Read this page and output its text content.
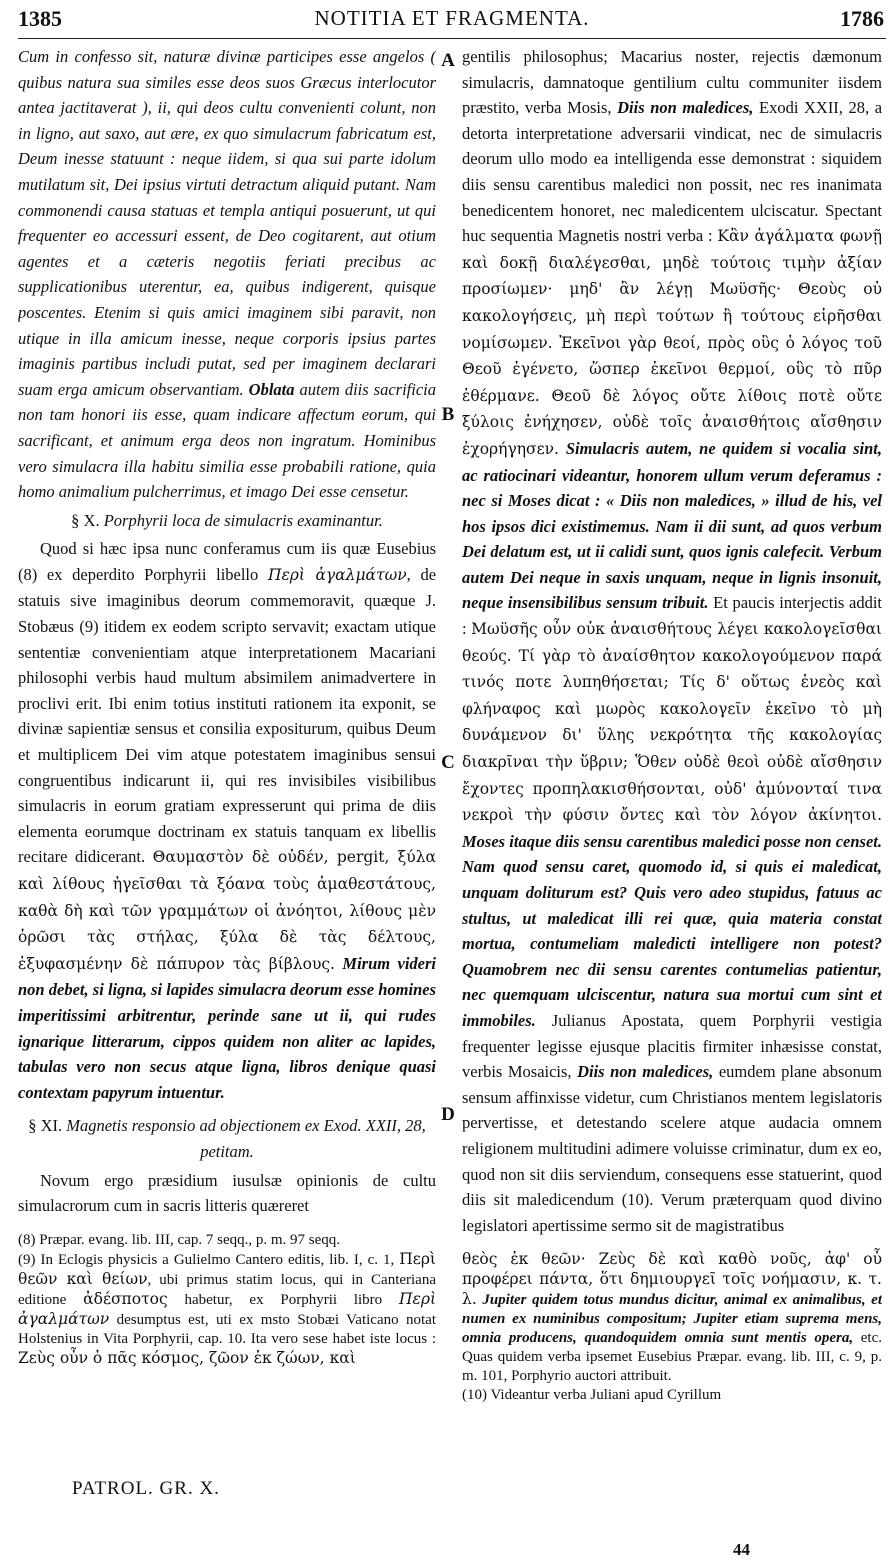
1385	NOTITIA ET FRAGMENTA.	1786
A
B
C
D

Cum in confesso sit, naturæ divinæ participes esse angelos ( quibus natura sua similes esse deos suos Græcus interlocutor antea jactitaverat ), ii, qui deos cultu convenienti colunt, non in ligno, aut saxo, aut ære, ex quo simulacrum fabricatum est, Deum inesse statuunt : neque iidem, si qua sui parte idolum mutilatum sit, Dei ipsius virtuti detractum aliquid putant. Nam commonendi causa statuas et templa antiqui posuerunt, ut qui frequenter eo accessuri essent, de Deo cogitarent, aut otium agentes et a cæteris negotiis feriati precibus ac supplicationibus uterentur, ea, quibus indigerent, quisque poscentes. Etenim si quis amici imaginem sibi paravit, non utique in illa amicum inesse, neque corporis ipsius partes imaginis partibus includi putat, sed per imaginem declarari suam erga amicum observantiam. Oblata autem diis sacrificia non tam honori iis esse, quam indicare affectum eorum, qui sacrificant, et animum erga deos non ingratum. Hominibus vero simulacra illa habitu similia esse probabili ratione, quia homo animalium pulcherrimus, et imago Dei esse censetur.

§ X. Porphyrii loca de simulacris examinantur.

Quod si hæc ipsa nunc conferamus cum iis quæ Eusebius (8) ex deperdito Porphyrii libello Περὶ ἀγαλμάτων, de statuis sive imaginibus deorum commemoravit, quæque J. Stobæus (9) itidem ex eodem scripto servavit; exactam utique sententiæ convenientiam atque interpretationem Macariani philosophi verbis haud multum absimilem animadvertere in proclivi erit. Ibi enim totius instituti rationem ita exponit, se divinæ sapientiæ sensus et consilia expositurum, quibus Deum et multiplicem Dei vim atque potestatem imaginibus sensui congruentibus indicarunt ii, qui res invisibiles visibilibus simulacris in eorum gratiam expresserunt qui prima de diis elementa eorumque doctrinam ex statuis tanquam ex libellis recitare didicerant. Θαυμαστὸν δὲ οὐδέν, pergit, ξύλα καὶ λίθους ἡγεῖσθαι τὰ ξόανα τοὺς ἀμαθεστάτους, καθὰ δὴ καὶ τῶν γραμμάτων οἱ ἀνόητοι, λίθους μὲν ὁρῶσι τὰς στήλας, ξύλα δὲ τὰς δέλτους, ἐξυφασμένην δὲ πάπυρον τὰς βίβλους. Mirum videri non debet, si ligna, si lapides simulacra deorum esse homines imperitissimi arbitrentur, perinde sane ut ii, qui rudes ignarique litterarum, cippos quidem non aliter ac lapides, tabulas vero non secus atque ligna, libros denique quasi contextam papyrum intuentur.

§ XI. Magnetis responsio ad objectionem ex Exod. XXII, 28, petitam.

Novum ergo præsidium iusulsæ opinionis de cultu simulacrorum cum in sacris litteris quæreret

(8) Præpar. evang. lib. III, cap. 7 seqq., p. m. 97 seqq.

(9) In Eclogis physicis a Gulielmo Cantero editis, lib. I, c. 1, Περὶ θεῶν καὶ θείων, ubi primus statim locus, qui in Canteriana editione ἀδέσποτος habetur, ex Porphyrii libro Περὶ ἀγαλμάτων desumptus est, uti ex msto Stobæi Vaticano notat Holstenius in Vita Porphyrii, cap. 10. Ita vero sese habet iste locus : Ζεὺς οὖν ὁ πᾶς κόσμος, ζῶον ἐκ ζώων, καὶ

gentilis philosophus; Macarius noster, rejectis dæmonum simulacris, damnatoque gentilium cultu communiter iisdem præstito, verba Mosis, Diis non maledices, Exodi XXII, 28, a detorta interpretatione adversarii vindicat, nec de simulacris deorum ullo modo ea intelligenda esse demonstrat : siquidem diis sensu carentibus maledici non possit, nec res inanimata benedicentem honoret, nec maledicentem ulciscatur. Spectant huc sequentia Magnetis nostri verba : Κἂν ἀγάλματα φωνῇ καὶ δοκῇ διαλέγεσθαι, μηδὲ τούτοις τιμὴν ἀξίαν προσίωμεν· μηδ' ἂν λέγῃ Μωϋσῆς· Θεοὺς οὐ κακολογήσεις, μὴ περὶ τούτων ἢ τούτους εἰρῆσθαι νομίσωμεν. Ἐκεῖνοι γὰρ θεοί, πρὸς οὓς ὁ λόγος τοῦ Θεοῦ ἐγένετο, ὥσπερ ἐκεῖνοι θερμοί, οὓς τὸ πῦρ ἐθέρμανε. Θεοῦ δὲ λόγος οὔτε λίθοις ποτὲ οὔτε ξύλοις ἐνήχησεν, οὐδὲ τοῖς ἀναισθήτοις αἴσθησιν ἐχορήγησεν. Simulacris autem, ne quidem si vocalia sint, ac ratiocinari videantur, honorem ullum verum deferamus : nec si Moses dicat : « Diis non maledices, » illud de his, vel hos ipsos dici existimemus. Nam ii dii sunt, ad quos verbum Dei delatum est, ut ii calidi sunt, quos ignis calefecit. Verbum autem Dei neque in saxis unquam, neque in lignis insonuit, neque insensibilibus sensum tribuit. Et paucis interjectis addit : Μωϋσῆς οὖν οὐκ ἀναισθήτους λέγει κακολογεῖσθαι θεούς. Τί γὰρ τὸ ἀναίσθητον κακολογούμενον παρά τινός ποτε λυπηθήσεται; Τίς δ' οὕτως ἐνεὸς καὶ φλήναφος καὶ μωρὸς κακολογεῖν ἐκεῖνο τὸ μὴ δυνάμενον δι' ὕλης νεκρότητα τῆς κακολογίας διακρῖναι τὴν ὕβριν; Ὅθεν οὐδὲ θεοὶ οὐδὲ αἴσθησιν ἔχοντες προπηλακισθήσονται, οὐδ' ἀμύνονταί τινα νεκροὶ τὴν φύσιν ὄντες καὶ τὸν λόγον ἀκίνητοι. Moses itaque diis sensu carentibus maledici posse non censet. Nam quod sensu caret, quomodo id, si quis ei maledicat, unquam doliturum est? Quis vero adeo stupidus, fatuus ac stultus, ut maledicat illi rei quæ, quia materia constat mortua, contumeliam maledicti intelligere non potest? Quamobrem nec dii sensu carentes contumelias patientur, nec quemquam ulciscentur, natura sua mortui cum sint et immobiles. Julianus Apostata, quem Porphyrii vestigia frequenter legisse ejusque placitis firmiter inhæsisse constat, verbis Mosaicis, Diis non maledices, eumdem plane absonum sensum affinxisse videtur, cum Christianos mentem legislatoris pervertisse, et detestando scelere atque audacia omnem religionem multitudini adimere voluisse criminatur, dum ex eo, quod non sit diis serviendum, consequens esse statuerint, quod diis sit maledicendum (10). Verum præterquam quod divino legislatori apertissime sermo sit de magistratibus

θεὸς ἐκ θεῶν· Ζεὺς δὲ καὶ καθὸ νοῦς, ἀφ' οὗ προφέρει πάντα, ὅτι δημιουργεῖ τοῖς νοήμασιν, κ. τ. λ. Jupiter quidem totus mundus dicitur, animal ex animalibus, et numen ex numinibus compositum; Jupiter etiam suprema mens, omnia producens, quandoquidem omnia sunt mentis opera, etc. Quas quidem verba ipsemet Eusebius Præpar. evang. lib. III, c. 9, p. m. 101, Porphyrio auctori attribuit.

(10) Videantur verba Juliani apud Cyrillum

PATROL. GR. X.
44
